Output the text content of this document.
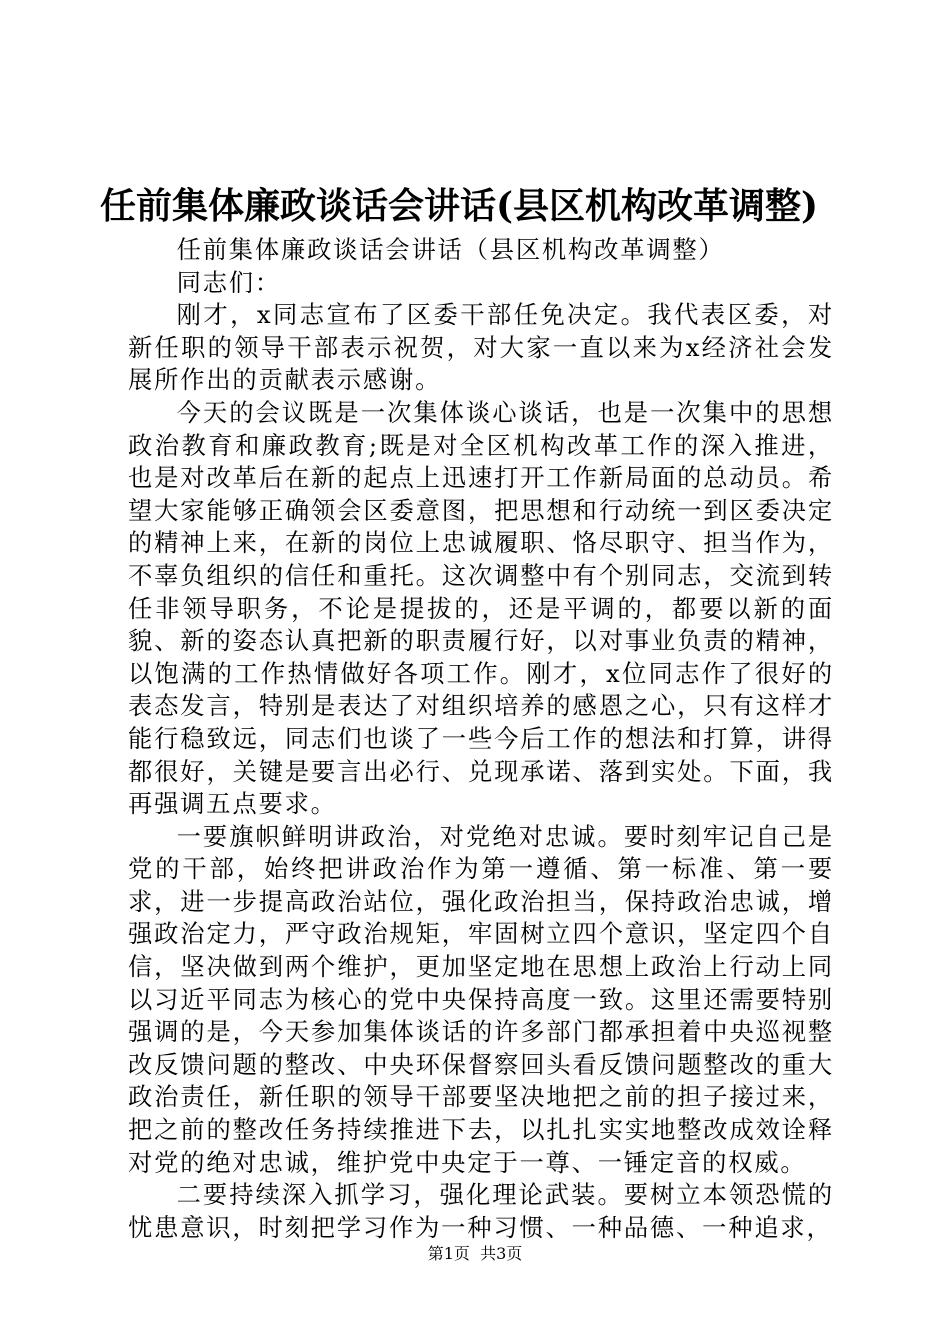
任前集体廉政谈话会讲话(县区机构改革调整)

任前集体廉政谈话会讲话（县区机构改革调整）

同志们：

刚才，x同志宣布了区委干部任免决定。我代表区委，对新任职的领导干部表示祝贺，对大家一直以来为x经济社会发展所作出的贡献表示感谢。

今天的会议既是一次集体谈心谈话，也是一次集中的思想政治教育和廉政教育;既是对全区机构改革工作的深入推进，也是对改革后在新的起点上迅速打开工作新局面的总动员。希望大家能够正确领会区委意图，把思想和行动统一到区委决定的精神上来，在新的岗位上忠诚履职、恪尽职守、担当作为，不辜负组织的信任和重托。这次调整中有个别同志，交流到转任非领导职务，不论是提拔的，还是平调的，都要以新的面貌、新的姿态认真把新的职责履行好，以对事业负责的精神，以饱满的工作热情做好各项工作。刚才，x位同志作了很好的表态发言，特别是表达了对组织培养的感恩之心，只有这样才能行稳致远，同志们也谈了一些今后工作的想法和打算，讲得都很好，关键是要言出必行、兑现承诺、落到实处。下面，我再强调五点要求。

一要旗帜鲜明讲政治，对党绝对忠诚。要时刻牢记自己是党的干部，始终把讲政治作为第一遵循、第一标准、第一要求，进一步提高政治站位，强化政治担当，保持政治忠诚，增强政治定力，严守政治规矩，牢固树立四个意识，坚定四个自信，坚决做到两个维护，更加坚定地在思想上政治上行动上同以习近平同志为核心的党中央保持高度一致。这里还需要特别强调的是，今天参加集体谈话的许多部门都承担着中央巡视整改反馈问题的整改、中央环保督察回头看反馈问题整改的重大政治责任，新任职的领导干部要坚决地把之前的担子接过来，把之前的整改任务持续推进下去，以扎扎实实地整改成效诠释对党的绝对忠诚，维护党中央定于一尊、一锤定音的权威。

二要持续深入抓学习，强化理论武装。要树立本领恐慌的忧患意识，时刻把学习作为一种习惯、一种品德、一种追求，

第1页  共3页
